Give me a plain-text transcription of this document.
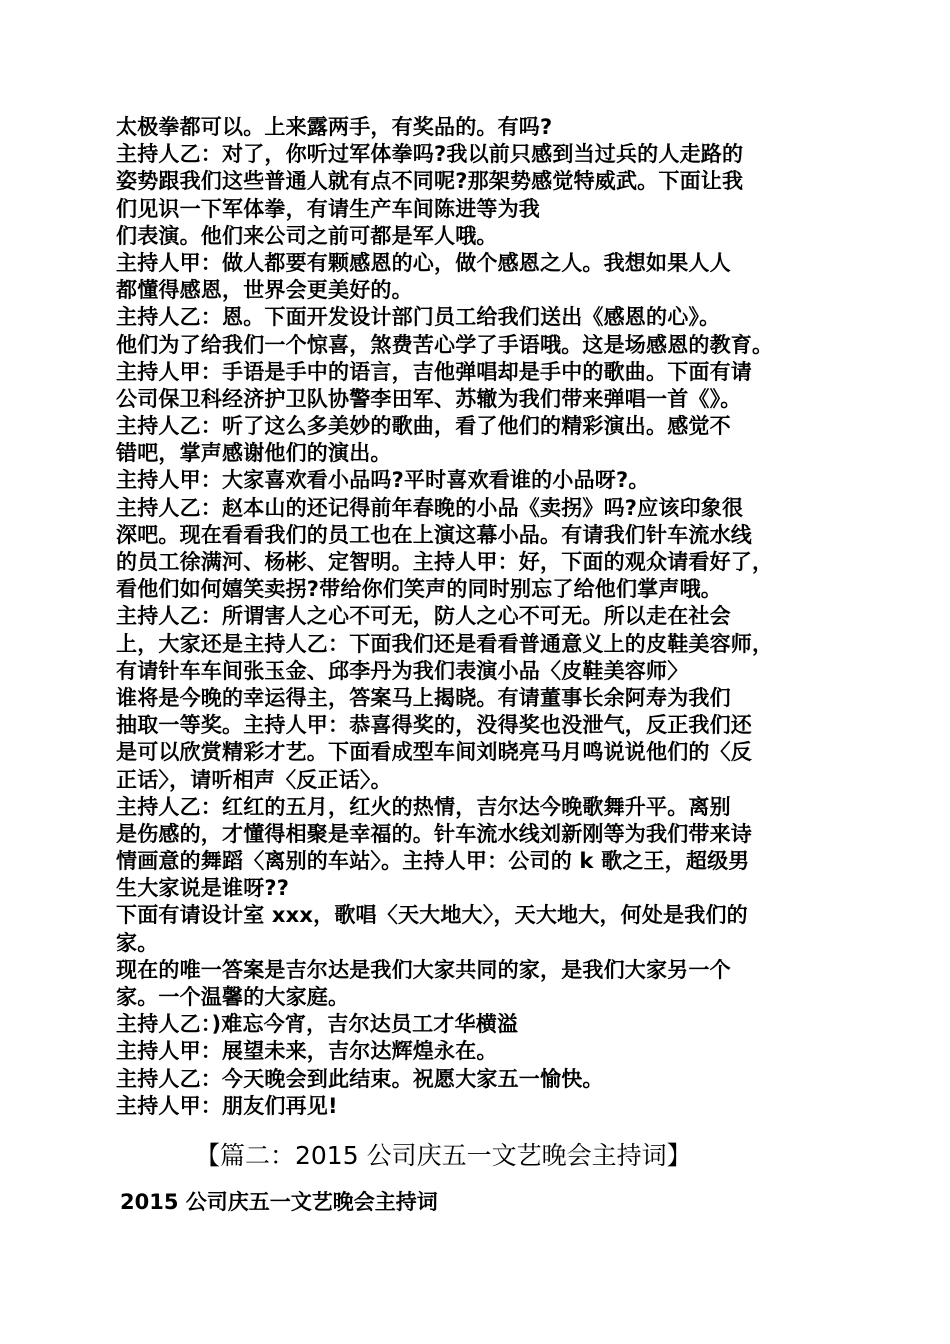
太极拳都可以。上来露两手，有奖品的。有吗?
主持人乙：对了，你听过军体拳吗?我以前只感到当过兵的人走路的
姿势跟我们这些普通人就有点不同呢?那架势感觉特威武。下面让我
们见识一下军体拳，有请生产车间陈进等为我
们表演。他们来公司之前可都是军人哦。
主持人甲：做人都要有颗感恩的心，做个感恩之人。我想如果人人
都懂得感恩，世界会更美好的。
主持人乙：恩。下面开发设计部门员工给我们送出《感恩的心》。
他们为了给我们一个惊喜，煞费苦心学了手语哦。这是场感恩的教育。
主持人甲：手语是手中的语言，吉他弹唱却是手中的歌曲。下面有请
公司保卫科经济护卫队协警李田军、苏辙为我们带来弹唱一首《》。
主持人乙：听了这么多美妙的歌曲，看了他们的精彩演出。感觉不
错吧，掌声感谢他们的演出。
主持人甲：大家喜欢看小品吗?平时喜欢看谁的小品呀?。
主持人乙：赵本山的还记得前年春晚的小品《卖拐》吗?应该印象很
深吧。现在看看我们的员工也在上演这幕小品。有请我们针车流水线
的员工徐满河、杨彬、定智明。主持人甲：好，下面的观众请看好了，
看他们如何嬉笑卖拐?带给你们笑声的同时别忘了给他们掌声哦。
主持人乙：所谓害人之心不可无，防人之心不可无。所以走在社会
上，大家还是主持人乙：下面我们还是看看普通意义上的皮鞋美容师，
有请针车车间张玉金、邱李丹为我们表演小品〈皮鞋美容师〉
谁将是今晚的幸运得主，答案马上揭晓。有请董事长余阿寿为我们
抽取一等奖。主持人甲：恭喜得奖的，没得奖也没泄气，反正我们还
是可以欣赏精彩才艺。下面看成型车间刘晓亮马月鸣说说他们的〈反
正话〉，请听相声〈反正话〉。
主持人乙：红红的五月，红火的热情，吉尔达今晚歌舞升平。离别
是伤感的，才懂得相聚是幸福的。针车流水线刘新刚等为我们带来诗
情画意的舞蹈〈离别的车站〉。主持人甲：公司的 k 歌之王，超级男
生大家说是谁呀??
下面有请设计室 xxx，歌唱〈天大地大〉，天大地大，何处是我们的
家。
现在的唯一答案是吉尔达是我们大家共同的家，是我们大家另一个
家。一个温馨的大家庭。
主持人乙：)难忘今宵，吉尔达员工才华横溢
主持人甲：展望未来，吉尔达辉煌永在。
主持人乙：今天晚会到此结束。祝愿大家五一愉快。
主持人甲：朋友们再见!
【篇二：2015 公司庆五一文艺晚会主持词】
2015 公司庆五一文艺晚会主持词
